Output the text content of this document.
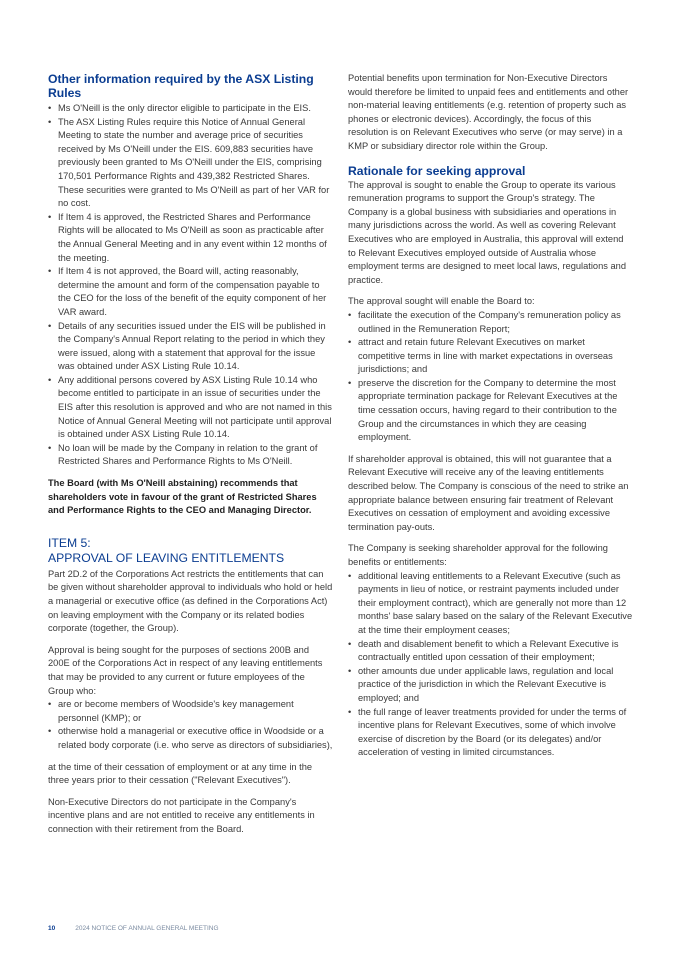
Other information required by the ASX Listing Rules
• Ms O'Neill is the only director eligible to participate in the EIS.
• The ASX Listing Rules require this Notice of Annual General Meeting to state the number and average price of securities received by Ms O'Neill under the EIS. 609,883 securities have previously been granted to Ms O'Neill under the EIS, comprising 170,501 Performance Rights and 439,382 Restricted Shares. These securities were granted to Ms O'Neill as part of her VAR for no cost.
• If Item 4 is approved, the Restricted Shares and Performance Rights will be allocated to Ms O'Neill as soon as practicable after the Annual General Meeting and in any event within 12 months of the meeting.
• If Item 4 is not approved, the Board will, acting reasonably, determine the amount and form of the compensation payable to the CEO for the loss of the benefit of the equity component of her VAR award.
• Details of any securities issued under the EIS will be published in the Company's Annual Report relating to the period in which they were issued, along with a statement that approval for the issue was obtained under ASX Listing Rule 10.14.
• Any additional persons covered by ASX Listing Rule 10.14 who become entitled to participate in an issue of securities under the EIS after this resolution is approved and who are not named in this Notice of Annual General Meeting will not participate until approval is obtained under ASX Listing Rule 10.14.
• No loan will be made by the Company in relation to the grant of Restricted Shares and Performance Rights to Ms O'Neill.

The Board (with Ms O'Neill abstaining) recommends that shareholders vote in favour of the grant of Restricted Shares and Performance Rights to the CEO and Managing Director.

ITEM 5:
APPROVAL OF LEAVING ENTITLEMENTS

Part 2D.2 of the Corporations Act restricts the entitlements that can be given without shareholder approval to individuals who hold or held a managerial or executive office (as defined in the Corporations Act) on leaving employment with the Company or its related bodies corporate (together, the Group).

Approval is being sought for the purposes of sections 200B and 200E of the Corporations Act in respect of any leaving entitlements that may be provided to any current or future employees of the Group who:

• are or become members of Woodside's key management personnel (KMP); or
• otherwise hold a managerial or executive office in Woodside or a related body corporate (i.e. who serve as directors of subsidiaries),

at the time of their cessation of employment or at any time in the three years prior to their cessation ("Relevant Executives").

Non-Executive Directors do not participate in the Company's incentive plans and are not entitled to receive any entitlements in connection with their retirement from the Board.

Potential benefits upon termination for Non-Executive Directors would therefore be limited to unpaid fees and entitlements and other non-material leaving entitlements (e.g. retention of property such as phones or electronic devices). Accordingly, the focus of this resolution is on Relevant Executives who serve (or may serve) in a KMP or subsidiary director role within the Group.

Rationale for seeking approval

The approval is sought to enable the Group to operate its various remuneration programs to support the Group's strategy. The Company is a global business with subsidiaries and operations in many jurisdictions across the world. As well as covering Relevant Executives who are employed in Australia, this approval will extend to Relevant Executives employed outside of Australia whose employment terms are designed to meet local laws, regulations and practice.

The approval sought will enable the Board to:

• facilitate the execution of the Company's remuneration policy as outlined in the Remuneration Report;
• attract and retain future Relevant Executives on market competitive terms in line with market expectations in overseas jurisdictions; and
• preserve the discretion for the Company to determine the most appropriate termination package for Relevant Executives at the time cessation occurs, having regard to their contribution to the Group and the circumstances in which they are ceasing employment.

If shareholder approval is obtained, this will not guarantee that a Relevant Executive will receive any of the leaving entitlements described below. The Company is conscious of the need to strike an appropriate balance between ensuring fair treatment of Relevant Executives on cessation of employment and avoiding excessive termination pay-outs.

The Company is seeking shareholder approval for the following benefits or entitlements:

• additional leaving entitlements to a Relevant Executive (such as payments in lieu of notice, or restraint payments included under their employment contract), which are generally not more than 12 months' base salary based on the salary of the Relevant Executive at the time their employment ceases;
• death and disablement benefit to which a Relevant Executive is contractually entitled upon cessation of their employment;
• other amounts due under applicable laws, regulation and local practice of the jurisdiction in which the Relevant Executive is employed; and
• the full range of leaver treatments provided for under the terms of incentive plans for Relevant Executives, some of which involve exercise of discretion by the Board (or its delegates) and/or acceleration of vesting in limited circumstances.
10	2024 NOTICE OF ANNUAL GENERAL MEETING
